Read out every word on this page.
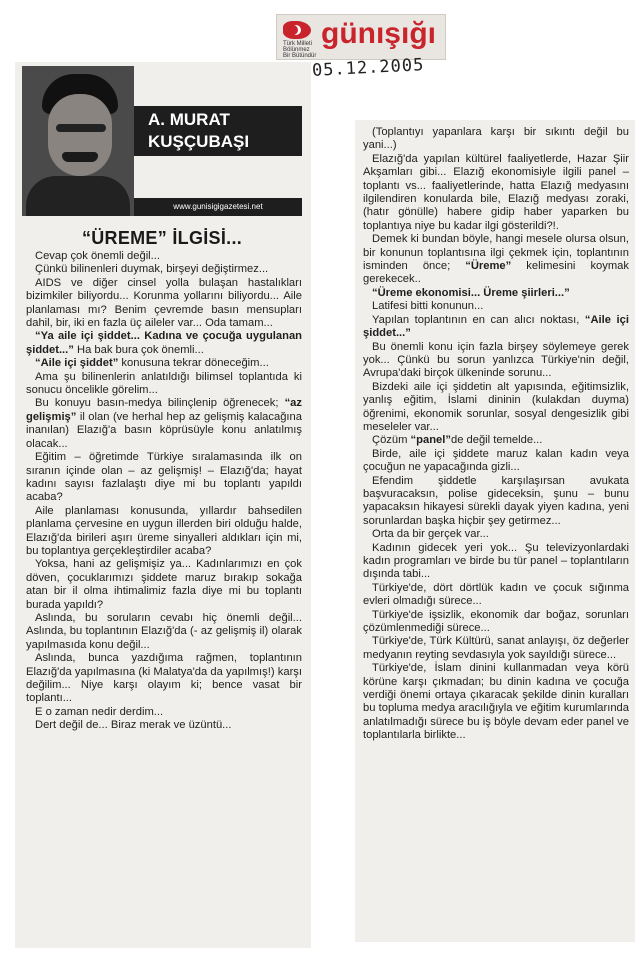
Türk Milleti Bölünmez Bir Bütündür
günışığı
05.12.2005
A. MURAT
KUŞÇUBAŞI
www.gunisigigazetesi.net
“ÜREME” İLGİSİ...

Cevap çok önemli değil...

Çünkü bilinenleri duymak, birşeyi değiştirmez...

AIDS ve diğer cinsel yolla bulaşan hastalıkları bizimkiler biliyordu... Korunma yollarını biliyordu... Aile planlaması mı? Benim çevremde basın mensupları dahil, bir, iki en fazla üç aileler var... Oda tamam...

“Ya aile içi şiddet... Kadına ve çocuğa uygulanan şiddet...” Ha bak bura çok önemli...

“Aile içi şiddet” konusuna tekrar döneceğim...

Ama şu bilinenlerin anlatıldığı bilimsel toplantıda ki sonucu öncelikle görelim...

Bu konuyu basın-medya bilinçlenip öğrenecek; “az gelişmiş” il olan (ve herhal hep az gelişmiş kalacağına inanılan) Elazığ'a basın köprüsüyle konu anlatılmış olacak...

Eğitim – öğretimde Türkiye sıralamasında ilk on sıranın içinde olan – az gelişmiş! – Elazığ'da; hayat kadını sayısı fazlalaştı diye mi bu toplantı yapıldı acaba?

Aile planlaması konusunda, yıllardır bahsedilen planlama çervesine en uygun illerden biri olduğu halde, Elazığ'da birileri aşırı üreme sinyalleri aldıkları için mi, bu toplantıya gerçekleştirdiler acaba?

Yoksa, hani az gelişmişiz ya... Kadınlarımızı en çok döven, çocuklarımızı şiddete maruz bırakıp sokağa atan bir il olma ihtimalimiz fazla diye mi bu toplantı burada yapıldı?

Aslında, bu soruların cevabı hiç önemli değil... Aslında, bu toplantının Elazığ'da (- az gelişmiş il) olarak yapılmasıda konu değil...

Aslında, bunca yazdığıma rağmen, toplantının Elazığ'da yapılmasına (ki Malatya'da da yapılmış!) karşı değilim... Niye karşı olayım ki; bence vasat bir toplantı...

E o zaman nedir derdim...

Dert değil de... Biraz merak ve üzüntü...

(Toplantıyı yapanlara karşı bir sıkıntı değil bu yani...)

Elazığ'da yapılan kültürel faaliyetlerde, Hazar Şiir Akşamları gibi... Elazığ ekonomisiyle ilgili panel – toplantı vs... faaliyetlerinde, hatta Elazığ medyasını ilgilendiren konularda bile, Elazığ medyası zoraki, (hatır gönülle) habere gidip haber yaparken bu toplantıya niye bu kadar ilgi gösterildi?!.

Demek ki bundan böyle, hangi mesele olursa olsun, bir konunun toplantısına ilgi çekmek için, toplantının isminden önce; “Üreme” kelimesini koymak gerekecek..

“Üreme ekonomisi... Üreme şiirleri...”

Latifesi bitti konunun...

Yapılan toplantının en can alıcı noktası, “Aile içi şiddet...”

Bu önemli konu için fazla birşey söylemeye gerek yok... Çünkü bu sorun yanlızca Türkiye'nin değil, Avrupa'daki birçok ülkeninde sorunu...

Bizdeki aile içi şiddetin alt yapısında, eğitimsizlik, yanlış eğitim, İslami dininin (kulakdan duyma) öğrenimi, ekonomik sorunlar, sosyal dengesizlik gibi meseleler var...

Çözüm “panel”de değil temelde...

Birde, aile içi şiddete maruz kalan kadın veya çocuğun ne yapacağında gizli...

Efendim şiddetle karşılaşırsan avukata başvuracaksın, polise gideceksin, şunu – bunu yapacaksın hikayesi sürekli dayak yiyen kadına, yeni sorunlardan başka hiçbir şey getirmez...

Orta da bir gerçek var...

Kadının gidecek yeri yok... Şu televizyonlardaki kadın programları ve birde bu tür panel – toplantıların dışında tabi...

Türkiye'de, dört dörtlük kadın ve çocuk sığınma evleri olmadığı sürece...

Türkiye'de işsizlik, ekonomik dar boğaz, sorunları çözümlenmediği sürece...

Türkiye'de, Türk Kültürü, sanat anlayışı, öz değerler medyanın reyting sevdasıyla yok sayıldığı sürece...

Türkiye'de, İslam dinini kullanmadan veya körü körüne karşı çıkmadan; bu dinin kadına ve çocuğa verdiği önemi ortaya çıkaracak şekilde dinin kuralları bu topluma medya aracılığıyla ve eğitim kurumlarında anlatılmadığı sürece bu iş böyle devam eder panel ve toplantılarla birlikte...
